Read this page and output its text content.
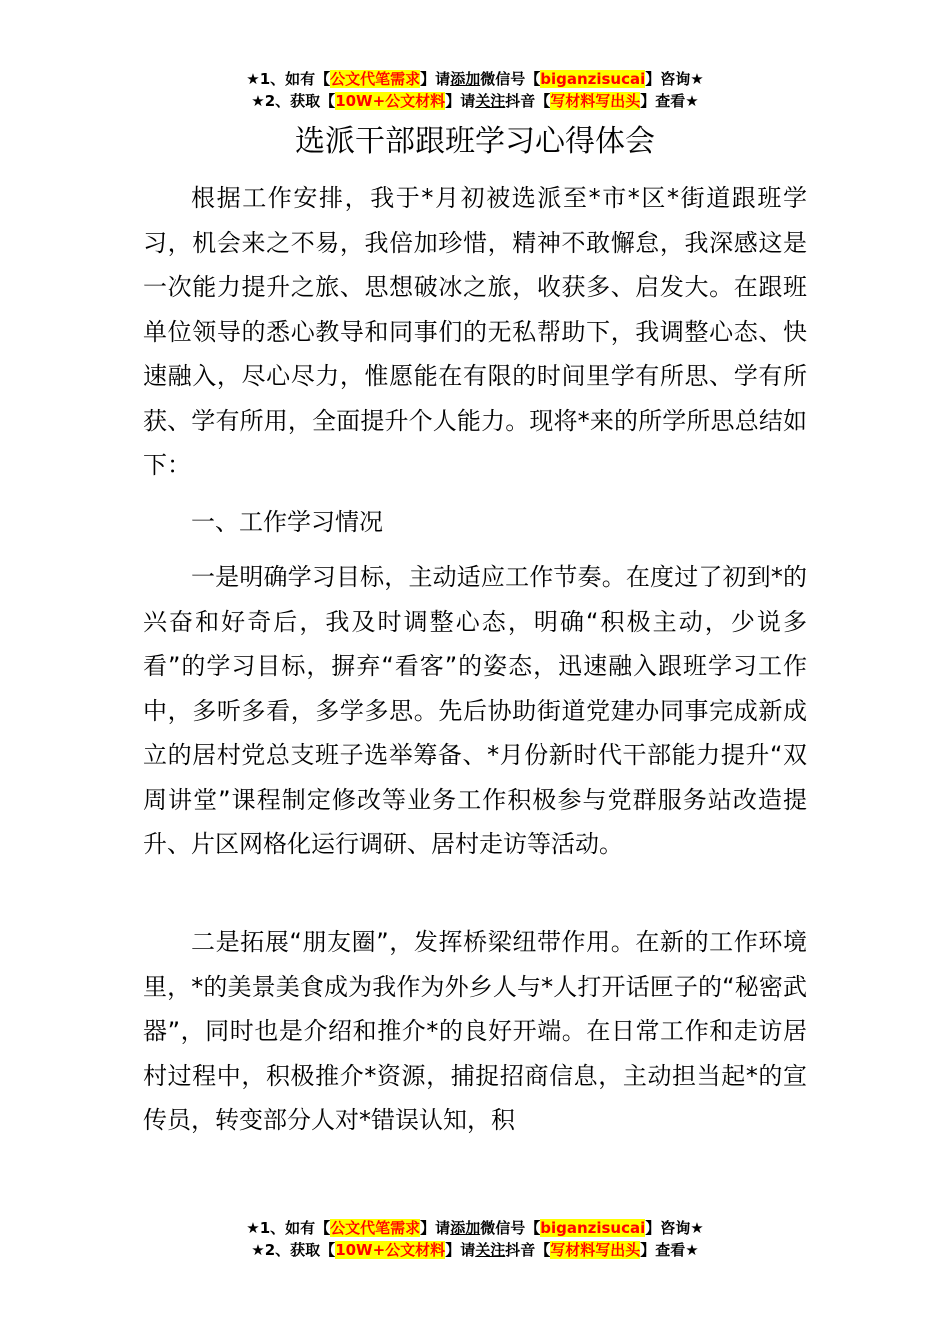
★1、如有【公文代笔需求】请添加微信号【biganzisucai】咨询★
★2、获取【10W+公文材料】请关注抖音【写材料写出头】查看★
选派干部跟班学习心得体会

根据工作安排，我于*月初被选派至*市*区*街道跟班学习，机会来之不易，我倍加珍惜，精神不敢懈怠，我深感这是一次能力提升之旅、思想破冰之旅，收获多、启发大。在跟班单位领导的悉心教导和同事们的无私帮助下，我调整心态、快速融入，尽心尽力，惟愿能在有限的时间里学有所思、学有所获、学有所用，全面提升个人能力。现将*来的所学所思总结如下：

一、工作学习情况

一是明确学习目标，主动适应工作节奏。在度过了初到*的兴奋和好奇后，我及时调整心态，明确“积极主动，少说多看”的学习目标，摒弃“看客”的姿态，迅速融入跟班学习工作中，多听多看，多学多思。先后协助街道党建办同事完成新成立的居村党总支班子选举筹备、*月份新时代干部能力提升“双周讲堂”课程制定修改等业务工作积极参与党群服务站改造提升、片区网格化运行调研、居村走访等活动。

二是拓展“朋友圈”，发挥桥梁纽带作用。在新的工作环境里，*的美景美食成为我作为外乡人与*人打开话匣子的“秘密武器”，同时也是介绍和推介*的良好开端。在日常工作和走访居村过程中，积极推介*资源，捕捉招商信息，主动担当起*的宣传员，转变部分人对*错误认知，积

★1、如有【公文代笔需求】请添加微信号【biganzisucai】咨询★
★2、获取【10W+公文材料】请关注抖音【写材料写出头】查看★
